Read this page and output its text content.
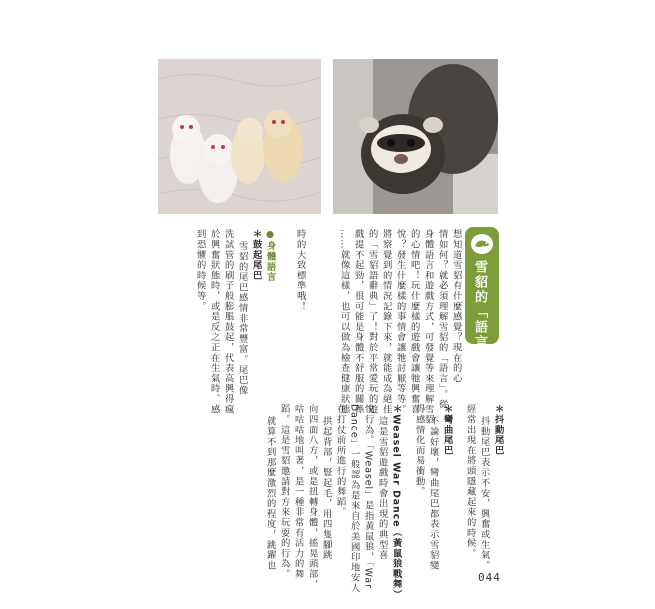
雪貂的「語言」
想知道雪貂有什麼感覺？現在的心
情如何？就必須理解雪貂的「語言」。從
身體語言和遊戲方式，可發覺等來理解雪貂
的心情吧！玩什麼樣的遊戲會讓牠興奮喜
悅？發生什麼樣的事情會讓牠討厭等等。
將察覺到的情況記錄下來，就能成為絕佳
的「雪貂語辭典」了！對於平常愛玩的遊
戲提不起勁，很可能是身體不舒服的關係
……就像這樣，也可以做為檢查健康狀態
時的大致標準哦！
●身體語言
＊鼓起尾巴
雪貂的尾巴感情非常豐富。尾巴像
洗試管的刷子般膨脹鼓起，代表高興得瘋
於興奮狀態時，或是反之正在生氣時、感
到恐懼的時候等。
＊抖動尾巴
抖動尾巴表示不安，興奮或生氣。
經常出現在將頭隱藏起來的時候。
＊彎曲尾巴
不論好壞，彎曲尾巴都表示雪貂變
得感情化而易衝動。
＊Weasel War Dance（黃鼠狼戰舞）
這是雪貂遊戲時會出現的典型喜
悅行為。「Weasel」是指黃鼠狼，「War
Dance」一般認為是來自於美國印地安人
在打仗前所進行的舞蹈。
拱起背部，豎起毛，用四隻腳跳
向四面八方，或是扭轉身體，搖晃頭部，
咕咕咕地叫著，是一種非常有活力的舞
蹈。這是雪貂邀請對方來玩耍的行為。
就算不到那麼激烈的程度，跳躍也
044
